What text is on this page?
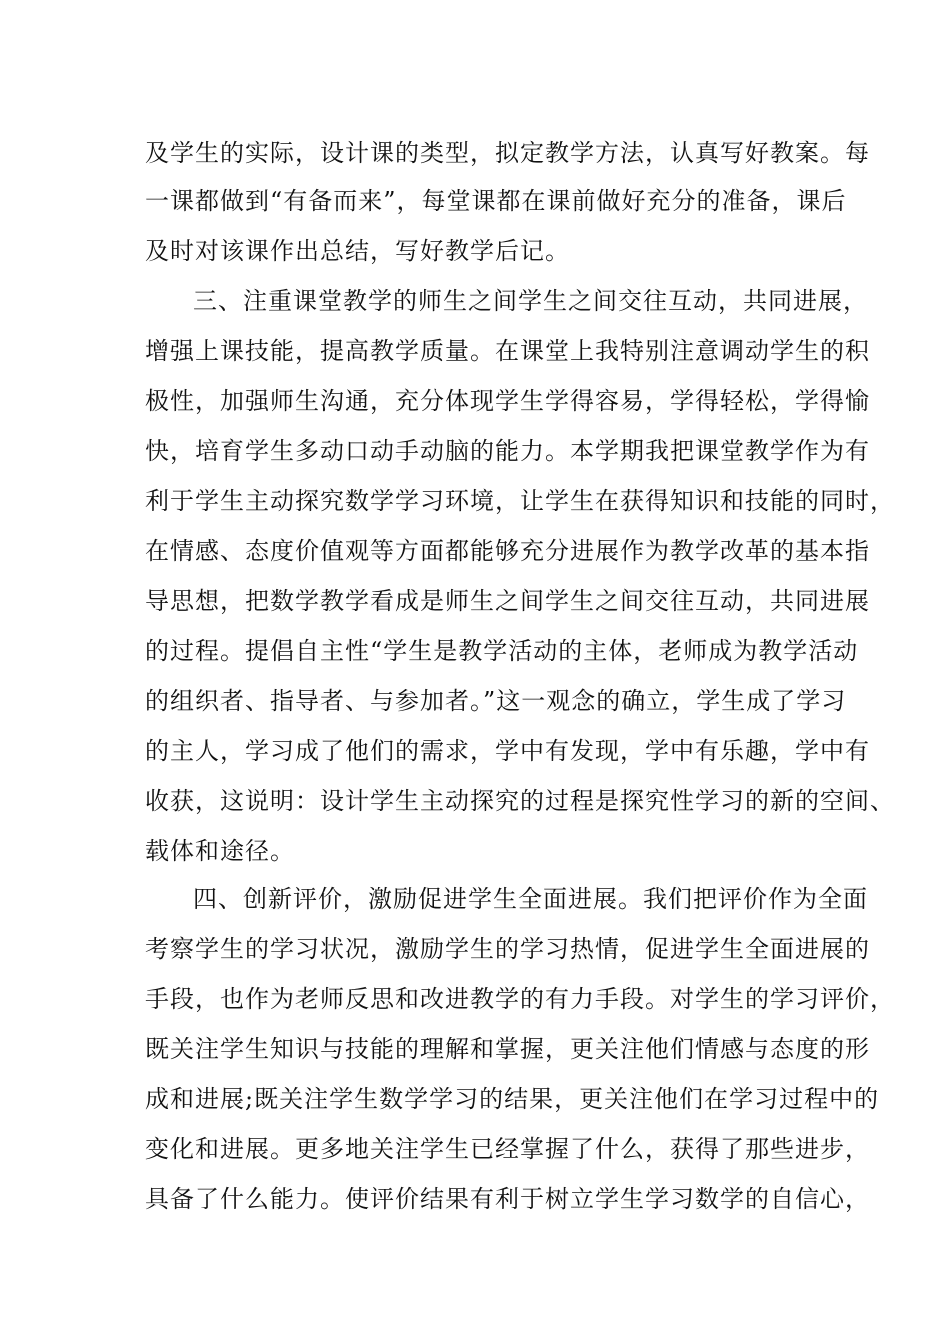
及学生的实际，设计课的类型，拟定教学方法，认真写好教案。每
一课都做到“有备而来”，每堂课都在课前做好充分的准备，课后
及时对该课作出总结，写好教学后记。
三、注重课堂教学的师生之间学生之间交往互动，共同进展，
增强上课技能，提高教学质量。在课堂上我特别注意调动学生的积
极性，加强师生沟通，充分体现学生学得容易，学得轻松，学得愉
快，培育学生多动口动手动脑的能力。本学期我把课堂教学作为有
利于学生主动探究数学学习环境，让学生在获得知识和技能的同时，
在情感、态度价值观等方面都能够充分进展作为教学改革的基本指
导思想，把数学教学看成是师生之间学生之间交往互动，共同进展
的过程。提倡自主性“学生是教学活动的主体，老师成为教学活动
的组织者、指导者、与参加者。”这一观念的确立，学生成了学习
的主人，学习成了他们的需求，学中有发现，学中有乐趣，学中有
收获，这说明：设计学生主动探究的过程是探究性学习的新的空间、
载体和途径。
四、创新评价，激励促进学生全面进展。我们把评价作为全面
考察学生的学习状况，激励学生的学习热情，促进学生全面进展的
手段，也作为老师反思和改进教学的有力手段。对学生的学习评价，
既关注学生知识与技能的理解和掌握，更关注他们情感与态度的形
成和进展;既关注学生数学学习的结果，更关注他们在学习过程中的
变化和进展。更多地关注学生已经掌握了什么，获得了那些进步，
具备了什么能力。使评价结果有利于树立学生学习数学的自信心，
